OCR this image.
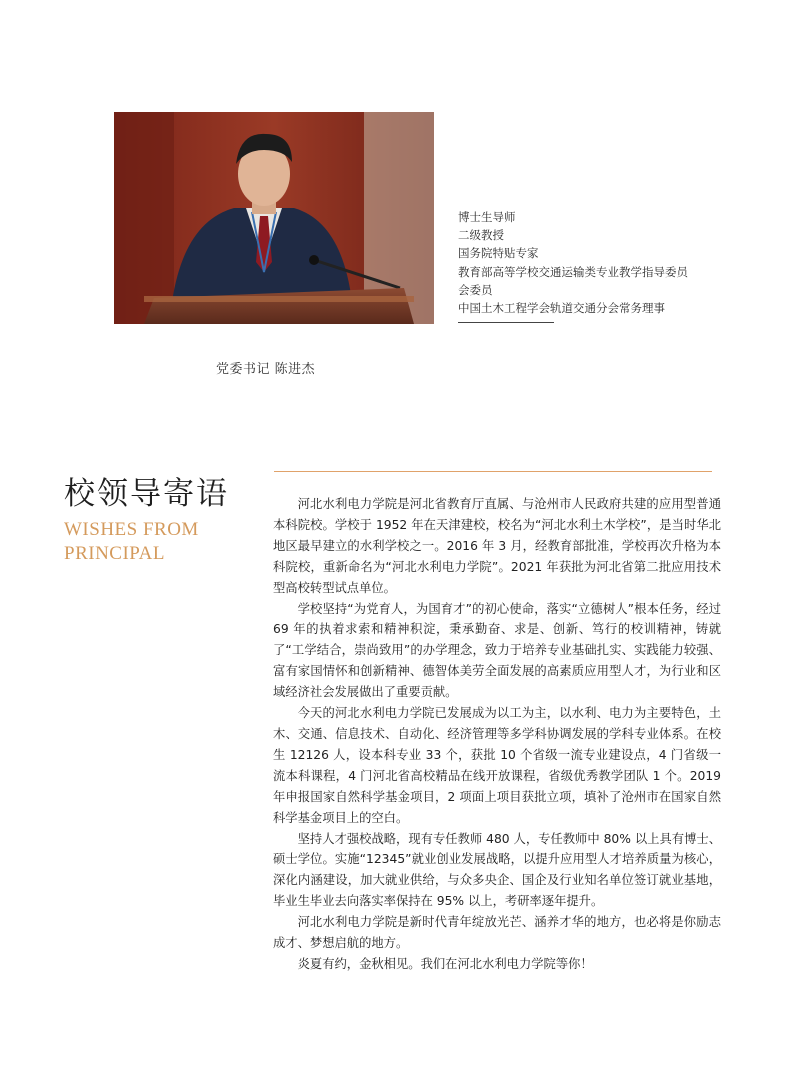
博士生导师
二级教授
国务院特贴专家
教育部高等学校交通运输类专业教学指导委员
会委员
中国土木工程学会轨道交通分会常务理事
党委书记 陈进杰
校领导寄语
WISHES FROM
PRINCIPAL

河北水利电力学院是河北省教育厅直属、与沧州市人民政府共建的应用型普通本科院校。学校于 1952 年在天津建校，校名为“河北水利土木学校”，是当时华北地区最早建立的水利学校之一。2016 年 3 月，经教育部批准，学校再次升格为本科院校，重新命名为“河北水利电力学院”。2021 年获批为河北省第二批应用技术型高校转型试点单位。

学校坚持“为党育人，为国育才”的初心使命，落实“立德树人”根本任务，经过 69 年的执着求索和精神积淀，秉承勤奋、求是、创新、笃行的校训精神，铸就了“工学结合，崇尚致用”的办学理念，致力于培养专业基础扎实、实践能力较强、富有家国情怀和创新精神、德智体美劳全面发展的高素质应用型人才，为行业和区域经济社会发展做出了重要贡献。

今天的河北水利电力学院已发展成为以工为主，以水利、电力为主要特色，土木、交通、信息技术、自动化、经济管理等多学科协调发展的学科专业体系。在校生 12126 人，设本科专业 33 个，获批 10 个省级一流专业建设点，4 门省级一流本科课程，4 门河北省高校精品在线开放课程，省级优秀教学团队 1 个。2019 年申报国家自然科学基金项目，2 项面上项目获批立项，填补了沧州市在国家自然科学基金项目上的空白。

坚持人才强校战略，现有专任教师 480 人，专任教师中 80% 以上具有博士、硕士学位。实施“12345”就业创业发展战略，以提升应用型人才培养质量为核心，深化内涵建设，加大就业供给，与众多央企、国企及行业知名单位签订就业基地，毕业生毕业去向落实率保持在 95% 以上，考研率逐年提升。

河北水利电力学院是新时代青年绽放光芒、涵养才华的地方，也必将是你励志成才、梦想启航的地方。

炎夏有约，金秋相见。我们在河北水利电力学院等你！
